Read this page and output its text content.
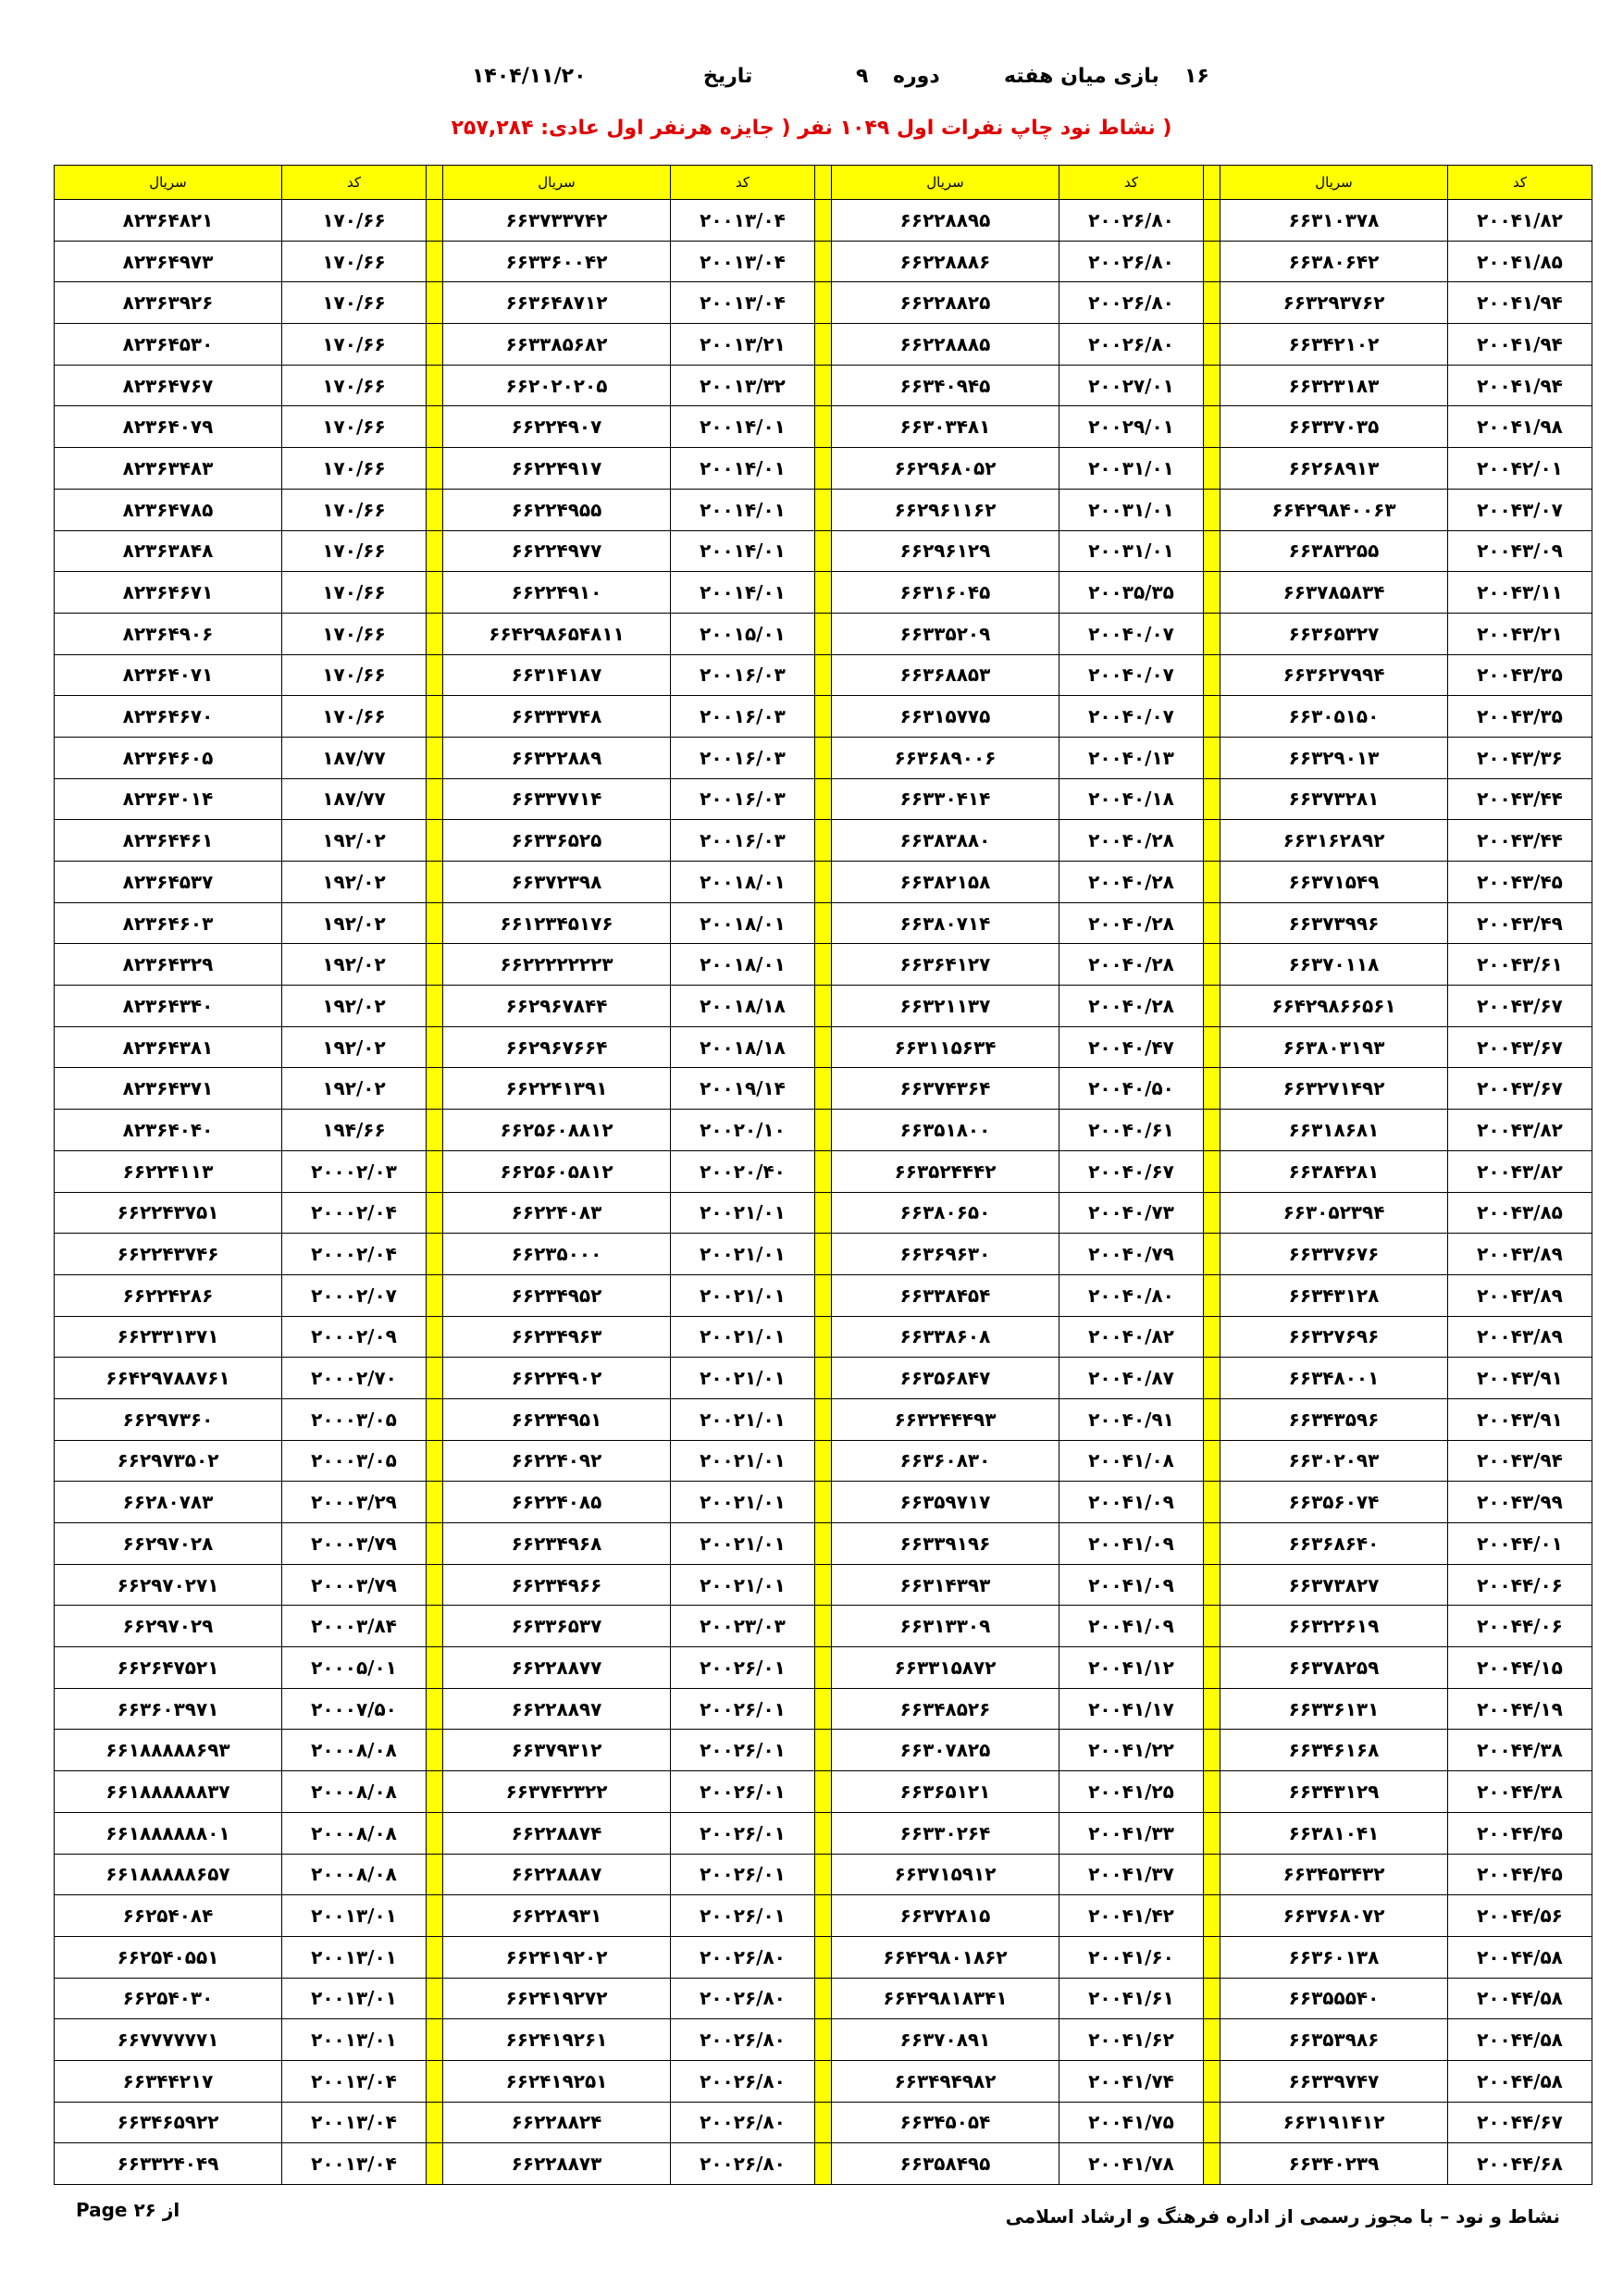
۱۶
بازی میان هفته
دوره
۹
تاریخ
۱۴۰۴/۱۱/۲۰
( نشاط نود چاپ نفرات اول ۱۰۴۹ نفر ( جایزه هرنفر اول عادی: ۲۵۷,۲۸۴
کد	سریال		کد	سریال		کد	سریال		کد	سریال
۲۰۰۴۱/۸۲	۶۶۳۱۰۳۷۸		۲۰۰۲۶/۸۰	۶۶۲۲۸۸۹۵		۲۰۰۱۳/۰۴	۶۶۳۷۳۳۷۴۲		۱۷۰/۶۶	۸۲۳۶۴۸۲۱
۲۰۰۴۱/۸۵	۶۶۳۸۰۶۴۲		۲۰۰۲۶/۸۰	۶۶۲۲۸۸۸۶		۲۰۰۱۳/۰۴	۶۶۳۳۶۰۰۴۲		۱۷۰/۶۶	۸۲۳۶۴۹۷۳
۲۰۰۴۱/۹۴	۶۶۳۲۹۳۷۶۲		۲۰۰۲۶/۸۰	۶۶۲۲۸۸۲۵		۲۰۰۱۳/۰۴	۶۶۳۶۴۸۷۱۲		۱۷۰/۶۶	۸۲۳۶۳۹۲۶
۲۰۰۴۱/۹۴	۶۶۳۴۲۱۰۲		۲۰۰۲۶/۸۰	۶۶۲۲۸۸۸۵		۲۰۰۱۳/۲۱	۶۶۳۳۸۵۶۸۲		۱۷۰/۶۶	۸۲۳۶۴۵۳۰
۲۰۰۴۱/۹۴	۶۶۳۲۳۱۸۳		۲۰۰۲۷/۰۱	۶۶۳۴۰۹۴۵		۲۰۰۱۳/۳۲	۶۶۲۰۲۰۲۰۵		۱۷۰/۶۶	۸۲۳۶۴۷۶۷
۲۰۰۴۱/۹۸	۶۶۳۳۷۰۳۵		۲۰۰۲۹/۰۱	۶۶۳۰۳۴۸۱		۲۰۰۱۴/۰۱	۶۶۲۲۴۹۰۷		۱۷۰/۶۶	۸۲۳۶۴۰۷۹
۲۰۰۴۲/۰۱	۶۶۲۶۸۹۱۳		۲۰۰۳۱/۰۱	۶۶۲۹۶۸۰۵۲		۲۰۰۱۴/۰۱	۶۶۲۲۴۹۱۷		۱۷۰/۶۶	۸۲۳۶۳۴۸۳
۲۰۰۴۳/۰۷	۶۶۴۲۹۸۴۰۰۶۳		۲۰۰۳۱/۰۱	۶۶۲۹۶۱۱۶۲		۲۰۰۱۴/۰۱	۶۶۲۲۴۹۵۵		۱۷۰/۶۶	۸۲۳۶۴۷۸۵
۲۰۰۴۳/۰۹	۶۶۳۸۳۲۵۵		۲۰۰۳۱/۰۱	۶۶۲۹۶۱۲۹		۲۰۰۱۴/۰۱	۶۶۲۲۴۹۷۷		۱۷۰/۶۶	۸۲۳۶۳۸۴۸
۲۰۰۴۳/۱۱	۶۶۳۷۸۵۸۳۴		۲۰۰۳۵/۳۵	۶۶۳۱۶۰۴۵		۲۰۰۱۴/۰۱	۶۶۲۲۴۹۱۰		۱۷۰/۶۶	۸۲۳۶۴۶۷۱
۲۰۰۴۳/۲۱	۶۶۳۶۵۳۲۷		۲۰۰۴۰/۰۷	۶۶۳۳۵۲۰۹		۲۰۰۱۵/۰۱	۶۶۴۲۹۸۶۵۴۸۱۱		۱۷۰/۶۶	۸۲۳۶۴۹۰۶
۲۰۰۴۳/۳۵	۶۶۳۶۲۷۹۹۴		۲۰۰۴۰/۰۷	۶۶۳۶۸۸۵۳		۲۰۰۱۶/۰۳	۶۶۳۱۴۱۸۷		۱۷۰/۶۶	۸۲۳۶۴۰۷۱
۲۰۰۴۳/۳۵	۶۶۳۰۵۱۵۰		۲۰۰۴۰/۰۷	۶۶۳۱۵۷۷۵		۲۰۰۱۶/۰۳	۶۶۳۳۳۷۴۸		۱۷۰/۶۶	۸۲۳۶۴۶۷۰
۲۰۰۴۳/۳۶	۶۶۳۲۹۰۱۳		۲۰۰۴۰/۱۳	۶۶۳۶۸۹۰۰۶		۲۰۰۱۶/۰۳	۶۶۳۲۲۸۸۹		۱۸۷/۷۷	۸۲۳۶۴۶۰۵
۲۰۰۴۳/۴۴	۶۶۳۷۳۲۸۱		۲۰۰۴۰/۱۸	۶۶۳۳۰۴۱۴		۲۰۰۱۶/۰۳	۶۶۳۳۷۷۱۴		۱۸۷/۷۷	۸۲۳۶۳۰۱۴
۲۰۰۴۳/۴۴	۶۶۳۱۶۲۸۹۲		۲۰۰۴۰/۲۸	۶۶۳۸۳۸۸۰		۲۰۰۱۶/۰۳	۶۶۳۳۶۵۲۵		۱۹۲/۰۲	۸۲۳۶۴۴۶۱
۲۰۰۴۳/۴۵	۶۶۳۷۱۵۴۹		۲۰۰۴۰/۲۸	۶۶۳۸۲۱۵۸		۲۰۰۱۸/۰۱	۶۶۳۷۲۳۹۸		۱۹۲/۰۲	۸۲۳۶۴۵۳۷
۲۰۰۴۳/۴۹	۶۶۳۷۳۹۹۶		۲۰۰۴۰/۲۸	۶۶۳۸۰۷۱۴		۲۰۰۱۸/۰۱	۶۶۱۲۳۴۵۱۷۶		۱۹۲/۰۲	۸۲۳۶۴۶۰۳
۲۰۰۴۳/۶۱	۶۶۳۷۰۱۱۸		۲۰۰۴۰/۲۸	۶۶۳۶۴۱۲۷		۲۰۰۱۸/۰۱	۶۶۲۲۲۲۲۲۲۳		۱۹۲/۰۲	۸۲۳۶۴۳۲۹
۲۰۰۴۳/۶۷	۶۶۴۲۹۸۶۶۵۶۱		۲۰۰۴۰/۲۸	۶۶۳۲۱۱۳۷		۲۰۰۱۸/۱۸	۶۶۲۹۶۷۸۴۴		۱۹۲/۰۲	۸۲۳۶۴۳۴۰
۲۰۰۴۳/۶۷	۶۶۳۸۰۳۱۹۳		۲۰۰۴۰/۴۷	۶۶۳۱۱۵۶۳۴		۲۰۰۱۸/۱۸	۶۶۲۹۶۷۶۶۴		۱۹۲/۰۲	۸۲۳۶۴۳۸۱
۲۰۰۴۳/۶۷	۶۶۳۲۷۱۴۹۲		۲۰۰۴۰/۵۰	۶۶۳۷۴۳۶۴		۲۰۰۱۹/۱۴	۶۶۲۲۴۱۳۹۱		۱۹۲/۰۲	۸۲۳۶۴۳۷۱
۲۰۰۴۳/۸۲	۶۶۳۱۸۶۸۱		۲۰۰۴۰/۶۱	۶۶۳۵۱۸۰۰		۲۰۰۲۰/۱۰	۶۶۲۵۶۰۸۸۱۲		۱۹۴/۶۶	۸۲۳۶۴۰۴۰
۲۰۰۴۳/۸۲	۶۶۳۸۴۲۸۱		۲۰۰۴۰/۶۷	۶۶۳۵۲۴۴۴۲		۲۰۰۲۰/۴۰	۶۶۲۵۶۰۵۸۱۲		۲۰۰۰۲/۰۳	۶۶۲۲۴۱۱۳
۲۰۰۴۳/۸۵	۶۶۳۰۵۲۳۹۴		۲۰۰۴۰/۷۳	۶۶۳۸۰۶۵۰		۲۰۰۲۱/۰۱	۶۶۲۲۴۰۸۳		۲۰۰۰۲/۰۴	۶۶۲۲۴۳۷۵۱
۲۰۰۴۳/۸۹	۶۶۳۳۷۶۷۶		۲۰۰۴۰/۷۹	۶۶۳۶۹۶۳۰		۲۰۰۲۱/۰۱	۶۶۲۳۵۰۰۰		۲۰۰۰۲/۰۴	۶۶۲۲۴۳۷۴۶
۲۰۰۴۳/۸۹	۶۶۳۴۳۱۲۸		۲۰۰۴۰/۸۰	۶۶۳۳۸۴۵۴		۲۰۰۲۱/۰۱	۶۶۲۳۴۹۵۲		۲۰۰۰۲/۰۷	۶۶۲۲۴۲۸۶
۲۰۰۴۳/۸۹	۶۶۳۲۷۶۹۶		۲۰۰۴۰/۸۲	۶۶۳۳۸۶۰۸		۲۰۰۲۱/۰۱	۶۶۲۳۴۹۶۳		۲۰۰۰۲/۰۹	۶۶۲۳۳۱۳۷۱
۲۰۰۴۳/۹۱	۶۶۳۴۸۰۰۱		۲۰۰۴۰/۸۷	۶۶۳۵۶۸۴۷		۲۰۰۲۱/۰۱	۶۶۲۲۴۹۰۲		۲۰۰۰۲/۷۰	۶۶۴۲۹۷۸۸۷۶۱
۲۰۰۴۳/۹۱	۶۶۳۴۳۵۹۶		۲۰۰۴۰/۹۱	۶۶۳۲۴۴۴۹۳		۲۰۰۲۱/۰۱	۶۶۲۳۴۹۵۱		۲۰۰۰۳/۰۵	۶۶۲۹۷۳۶۰
۲۰۰۴۳/۹۴	۶۶۳۰۲۰۹۳		۲۰۰۴۱/۰۸	۶۶۳۶۰۸۳۰		۲۰۰۲۱/۰۱	۶۶۲۲۴۰۹۲		۲۰۰۰۳/۰۵	۶۶۲۹۷۳۵۰۲
۲۰۰۴۳/۹۹	۶۶۳۵۶۰۷۴		۲۰۰۴۱/۰۹	۶۶۳۵۹۷۱۷		۲۰۰۲۱/۰۱	۶۶۲۲۴۰۸۵		۲۰۰۰۳/۲۹	۶۶۲۸۰۷۸۳
۲۰۰۴۴/۰۱	۶۶۳۶۸۶۴۰		۲۰۰۴۱/۰۹	۶۶۳۳۹۱۹۶		۲۰۰۲۱/۰۱	۶۶۲۳۴۹۶۸		۲۰۰۰۳/۷۹	۶۶۲۹۷۰۲۸
۲۰۰۴۴/۰۶	۶۶۳۷۳۸۲۷		۲۰۰۴۱/۰۹	۶۶۳۱۴۳۹۳		۲۰۰۲۱/۰۱	۶۶۲۳۴۹۶۶		۲۰۰۰۳/۷۹	۶۶۲۹۷۰۲۷۱
۲۰۰۴۴/۰۶	۶۶۳۲۲۶۱۹		۲۰۰۴۱/۰۹	۶۶۳۱۳۳۰۹		۲۰۰۲۳/۰۳	۶۶۳۳۶۵۳۷		۲۰۰۰۳/۸۴	۶۶۲۹۷۰۲۹
۲۰۰۴۴/۱۵	۶۶۳۷۸۲۵۹		۲۰۰۴۱/۱۲	۶۶۳۳۱۵۸۷۲		۲۰۰۲۶/۰۱	۶۶۲۲۸۸۷۷		۲۰۰۰۵/۰۱	۶۶۲۶۴۷۵۲۱
۲۰۰۴۴/۱۹	۶۶۳۳۶۱۳۱		۲۰۰۴۱/۱۷	۶۶۳۴۸۵۲۶		۲۰۰۲۶/۰۱	۶۶۲۲۸۸۹۷		۲۰۰۰۷/۵۰	۶۶۳۶۰۳۹۷۱
۲۰۰۴۴/۳۸	۶۶۳۴۶۱۶۸		۲۰۰۴۱/۲۲	۶۶۳۰۷۸۲۵		۲۰۰۲۶/۰۱	۶۶۳۷۹۳۱۲		۲۰۰۰۸/۰۸	۶۶۱۸۸۸۸۸۶۹۳
۲۰۰۴۴/۳۸	۶۶۳۴۳۱۲۹		۲۰۰۴۱/۲۵	۶۶۳۶۵۱۲۱		۲۰۰۲۶/۰۱	۶۶۳۷۴۲۳۲۲		۲۰۰۰۸/۰۸	۶۶۱۸۸۸۸۸۸۳۷
۲۰۰۴۴/۴۵	۶۶۳۸۱۰۴۱		۲۰۰۴۱/۳۳	۶۶۳۳۰۲۶۴		۲۰۰۲۶/۰۱	۶۶۲۲۸۸۷۴		۲۰۰۰۸/۰۸	۶۶۱۸۸۸۸۸۸۰۱
۲۰۰۴۴/۴۵	۶۶۳۴۵۳۴۳۲		۲۰۰۴۱/۳۷	۶۶۳۷۱۵۹۱۲		۲۰۰۲۶/۰۱	۶۶۲۲۸۸۸۷		۲۰۰۰۸/۰۸	۶۶۱۸۸۸۸۸۶۵۷
۲۰۰۴۴/۵۶	۶۶۳۷۶۸۰۷۲		۲۰۰۴۱/۴۲	۶۶۳۷۲۸۱۵		۲۰۰۲۶/۰۱	۶۶۲۲۸۹۳۱		۲۰۰۱۳/۰۱	۶۶۲۵۴۰۸۴
۲۰۰۴۴/۵۸	۶۶۳۶۰۱۳۸		۲۰۰۴۱/۶۰	۶۶۴۲۹۸۰۱۸۶۲		۲۰۰۲۶/۸۰	۶۶۲۴۱۹۲۰۲		۲۰۰۱۳/۰۱	۶۶۲۵۴۰۵۵۱
۲۰۰۴۴/۵۸	۶۶۳۵۵۵۴۰		۲۰۰۴۱/۶۱	۶۶۴۲۹۸۱۸۳۴۱		۲۰۰۲۶/۸۰	۶۶۲۴۱۹۲۷۲		۲۰۰۱۳/۰۱	۶۶۲۵۴۰۳۰
۲۰۰۴۴/۵۸	۶۶۳۵۳۹۸۶		۲۰۰۴۱/۶۲	۶۶۳۷۰۸۹۱		۲۰۰۲۶/۸۰	۶۶۲۴۱۹۲۶۱		۲۰۰۱۳/۰۱	۶۶۷۷۷۷۷۷۱
۲۰۰۴۴/۵۸	۶۶۳۳۹۷۴۷		۲۰۰۴۱/۷۴	۶۶۳۴۹۴۹۸۲		۲۰۰۲۶/۸۰	۶۶۲۴۱۹۲۵۱		۲۰۰۱۳/۰۴	۶۶۳۴۴۲۱۷
۲۰۰۴۴/۶۷	۶۶۳۱۹۱۴۱۲		۲۰۰۴۱/۷۵	۶۶۳۴۵۰۵۴		۲۰۰۲۶/۸۰	۶۶۲۲۸۸۲۴		۲۰۰۱۳/۰۴	۶۶۳۴۶۵۹۲۲
۲۰۰۴۴/۶۸	۶۶۳۴۰۲۳۹		۲۰۰۴۱/۷۸	۶۶۳۵۸۴۹۵		۲۰۰۲۶/۸۰	۶۶۲۲۸۸۷۳		۲۰۰۱۳/۰۴	۶۶۳۳۲۴۰۴۹
نشاط و نود – با مجوز رسمی از اداره فرهنگ و ارشاد اسلامی
Page از ۲۶
